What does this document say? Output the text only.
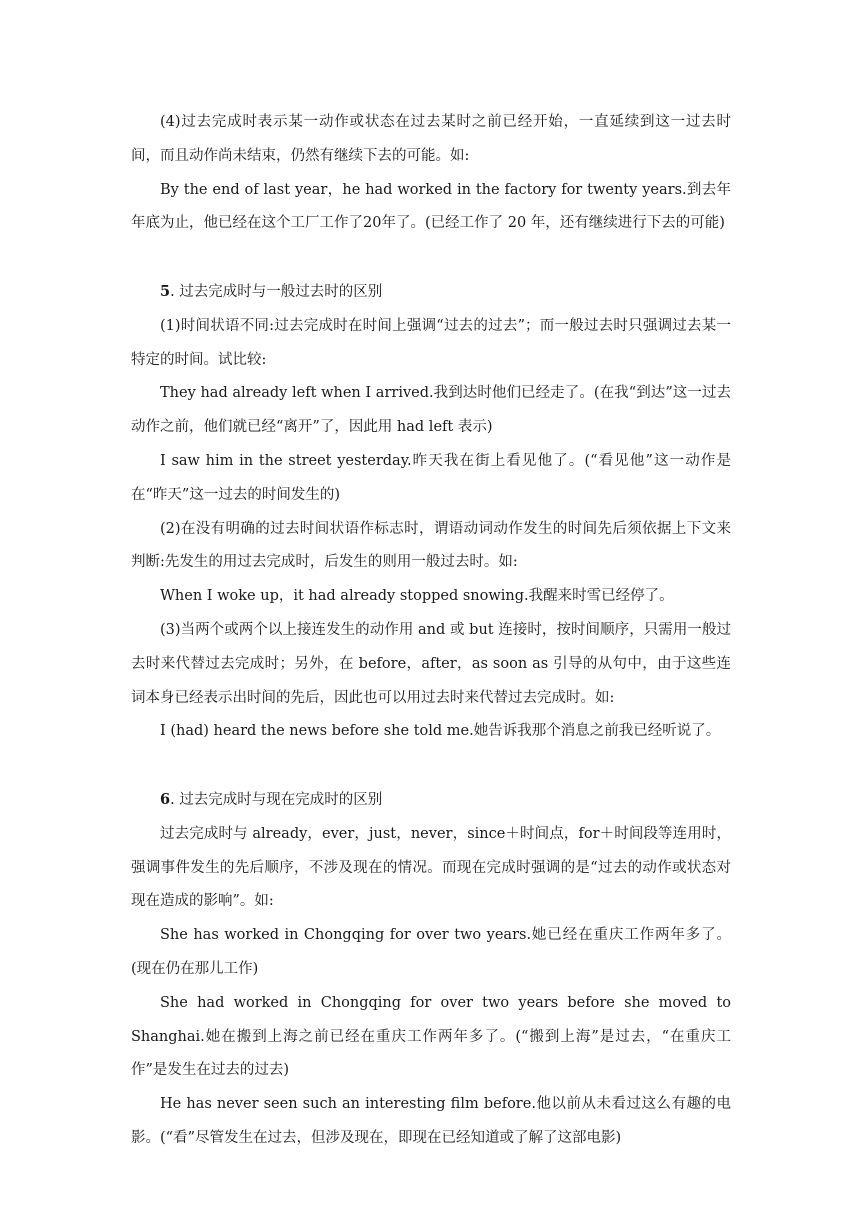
(4)过去完成时表示某一动作或状态在过去某时之前已经开始，一直延续到这一过去时间，而且动作尚未结束，仍然有继续下去的可能。如:

By the end of last year，he had worked in the factory for twenty years.到去年年底为止，他已经在这个工厂工作了20年了。(已经工作了 20 年，还有继续进行下去的可能)

5. 过去完成时与一般过去时的区别

(1)时间状语不同:过去完成时在时间上强调“过去的过去”；而一般过去时只强调过去某一特定的时间。试比较:

They had already left when I arrived.我到达时他们已经走了。(在我“到达”这一过去动作之前，他们就已经“离开”了，因此用 had left 表示)

I saw him in the street yesterday.昨天我在街上看见他了。(“看见他”这一动作是在“昨天”这一过去的时间发生的)

(2)在没有明确的过去时间状语作标志时，谓语动词动作发生的时间先后须依据上下文来判断:先发生的用过去完成时，后发生的则用一般过去时。如:

When I woke up，it had already stopped snowing.我醒来时雪已经停了。

(3)当两个或两个以上接连发生的动作用 and 或 but 连接时，按时间顺序，只需用一般过去时来代替过去完成时；另外，在 before，after，as soon as 引导的从句中，由于这些连词本身已经表示出时间的先后，因此也可以用过去时来代替过去完成时。如:

I (had) heard the news before she told me.她告诉我那个消息之前我已经听说了。

6. 过去完成时与现在完成时的区别

过去完成时与 already，ever，just，never，since＋时间点，for＋时间段等连用时，强调事件发生的先后顺序，不涉及现在的情况。而现在完成时强调的是“过去的动作或状态对现在造成的影响”。如:

She has worked in Chongqing for over two years.她已经在重庆工作两年多了。(现在仍在那儿工作)

She had worked in Chongqing for over two years before she moved to Shanghai.她在搬到上海之前已经在重庆工作两年多了。(“搬到上海”是过去，“在重庆工作”是发生在过去的过去)

He has never seen such an interesting film before.他以前从未看过这么有趣的电影。(“看”尽管发生在过去，但涉及现在，即现在已经知道或了解了这部电影)
